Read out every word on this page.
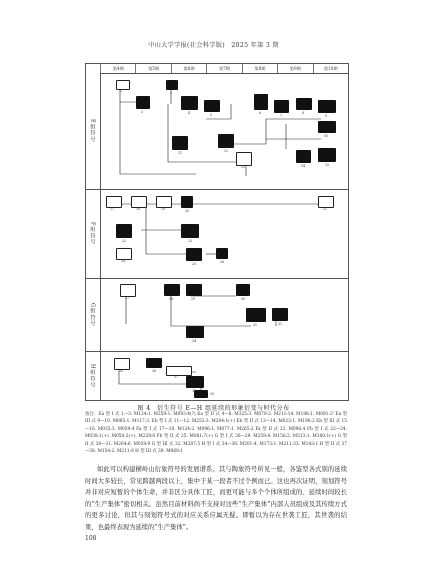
中山大学学报(社会科学版)　2025 年第 3 期
第4期	第5期	第6期	第7期	第8期	第9期	第10期
E组符号
F组符号
G组符号
H组符号
1	2
3	4	5	6
7
8
9
10
11	12
13	14	15
17	18	19	20	21
22	23
24
25	26
27	28	29	30
31	32
34
35	36
37
38
39
图 4　衍生符号 E—H 组延续的形象衍变与时代分布
备注：Ea 型 I 式 1—3. M124:1. M259:1. M093:4(?) Ea 型 II 式 4—8. M325:3. M079:2. M211:14. M198:1. M091:3' Ea 型 III 式 9—10. M085:1. M117:3. Eb 型 I 式 11—12. M252:3. M204:1(+) Eb 型 II 式 13—14. M023:1. M196:2 Eb 型 III 式 15—16. M035:3. M059:4 Fa 型 I 式 17—20. M124:2. M096:1. M077:1. M265:2 Fa 型 II 式 21. M096:4 Fb 型 I 式 22—24. M038:1(+). M050:2(+). M229:6 Fb 型 II 式 25. M081:7(+) G 型 I 式 26—29. M259:4. M156:2. M313:1. M160:1(+) G 型 II 式 30—31. M264:6. M059:9 G 型 III 式 32. M287:5 H 型 I 式 34—36. M201:4. M173:1. M211:33. M143:1 H 型 II 式 37—38. M154:2. M211:9 H 型 III 式 39. M068:1
如此可以构建横岭山衍象符号的发展谱系。其与陶象符号所见一般，各鉴型各式别的延续时间大多较长，常见跨越两段以上，集中于某一段者不过个例而已。这也再次证明，刻划符号并非对应短暂的个体生命，并非区分具体工匠，而更可能与多个个体所组成的、延续时间较长的“生产集体”密切相关。虽然目前材料尚不支持对这些“生产集体”内部人员组成及其传续方式的更多讨论，但其与刻划符号式的对应关系应属无疑。即暂以为存在世袭工匠，其世袭的结果，也最终表现为延续的“生产集体”。
108
